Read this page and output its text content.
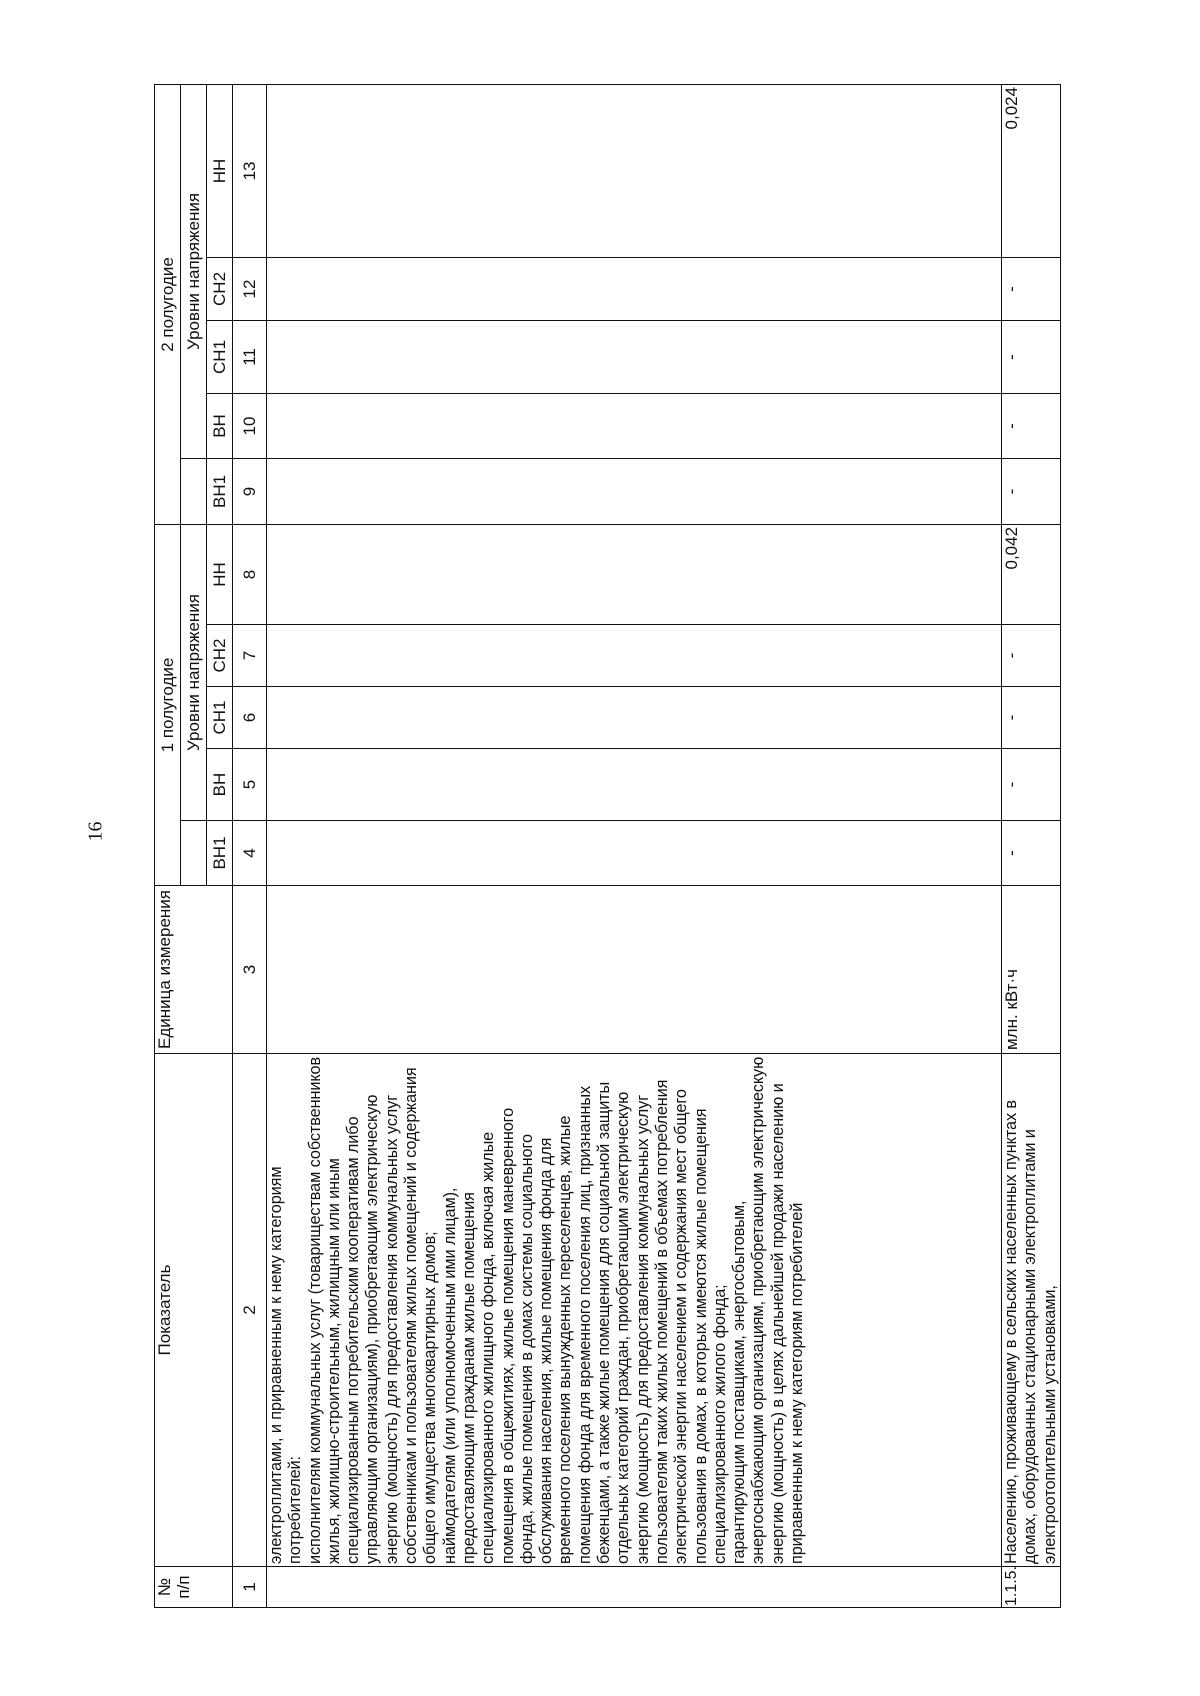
16
№
п/п	Показатель	Единица измерения	1 полугодие					2 полугодие				
				Уровни напряжения					Уровни напряжения			
			ВН1	ВН	СН1	СН2	НН	ВН1	ВН	СН1	СН2	НН
1	2	3	4	5	6	7	8	9	10	11	12	13
	электроплитами, и приравненным к нему категориям потребителей:
исполнителям коммунальных услуг (товариществам собственников жилья, жилищно-строительным, жилищным или иным специализированным потребительским кооперативам либо управляющим организациям), приобретающим электрическую энергию (мощность) для предоставления коммунальных услуг собственникам и пользователям жилых помещений и содержания общего имущества многоквартирных домов;
наймодателям (или уполномоченным ими лицам), предоставляющим гражданам жилые помещения специализированного жилищного фонда, включая жилые помещения в общежитиях, жилые помещения маневренного фонда, жилые помещения в домах системы социального обслуживания населения, жилые помещения фонда для временного поселения вынужденных переселенцев, жилые помещения фонда для временного поселения лиц, признанных беженцами, а также жилые помещения для социальной защиты отдельных категорий граждан, приобретающим электрическую энергию (мощность) для предоставления коммунальных услуг пользователям таких жилых помещений в объемах потребления электрической энергии населением и содержания мест общего пользования в домах, в которых имеются жилые помещения специализированного жилого фонда;
гарантирующим поставщикам, энергосбытовым, энергоснабжающим организациям, приобретающим электрическую энергию (мощность) в целях дальнейшей продажи населению и приравненным к нему категориям потребителей											
1.1.5.	Населению, проживающему в сельских населенных пунктах в домах, оборудованных стационарными электроплитами и электроотопительными установками,	млн. кВт·ч	-	-	-	-	0,042	-	-	-	-	0,024
